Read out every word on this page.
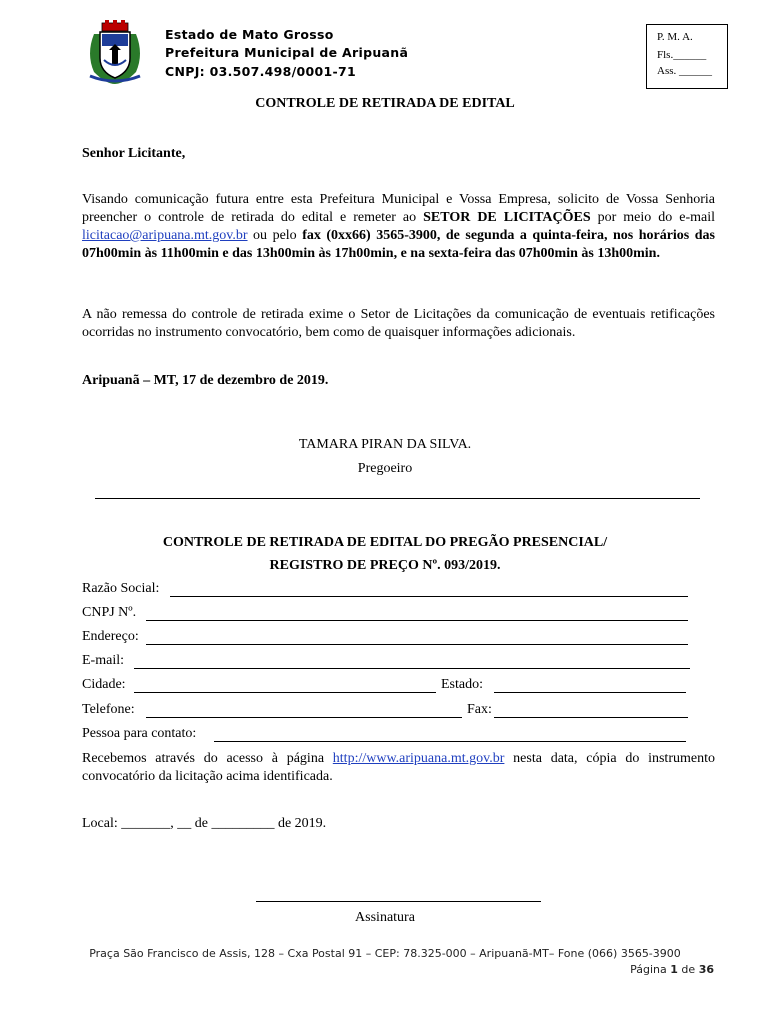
Estado de Mato Grosso
Prefeitura Municipal de Aripuanã
CNPJ: 03.507.498/0001-71
P. M. A.
Fls.______
Ass. ______
CONTROLE DE RETIRADA DE EDITAL
Senhor Licitante,
Visando comunicação futura entre esta Prefeitura Municipal e Vossa Empresa, solicito de Vossa Senhoria preencher o controle de retirada do edital e remeter ao SETOR DE LICITAÇÕES por meio do e-mail licitacao@aripuana.mt.gov.br ou pelo fax (0xx66) 3565-3900, de segunda a quinta-feira, nos horários das 07h00min às 11h00min e das 13h00min às 17h00min, e na sexta-feira das 07h00min às 13h00min.
A não remessa do controle de retirada exime o Setor de Licitações da comunicação de eventuais retificações ocorridas no instrumento convocatório, bem como de quaisquer informações adicionais.
Aripuanã – MT, 17 de dezembro de 2019.
TAMARA PIRAN DA SILVA.
Pregoeiro
CONTROLE DE RETIRADA DE EDITAL DO PREGÃO PRESENCIAL/
REGISTRO DE PREÇO Nº. 093/2019.
Razão Social:
CNPJ Nº.
Endereço:
E-mail:
Cidade:	Estado:
Telefone:	Fax:
Pessoa para contato:
Recebemos através do acesso à página http://www.aripuana.mt.gov.br nesta data, cópia do instrumento convocatório da licitação acima identificada.
Local: _______, __ de _________ de 2019.
Assinatura
Praça São Francisco de Assis, 128 – Cxa Postal 91 – CEP: 78.325-000 – Aripuanã-MT– Fone (066) 3565-3900
Página 1 de 36
